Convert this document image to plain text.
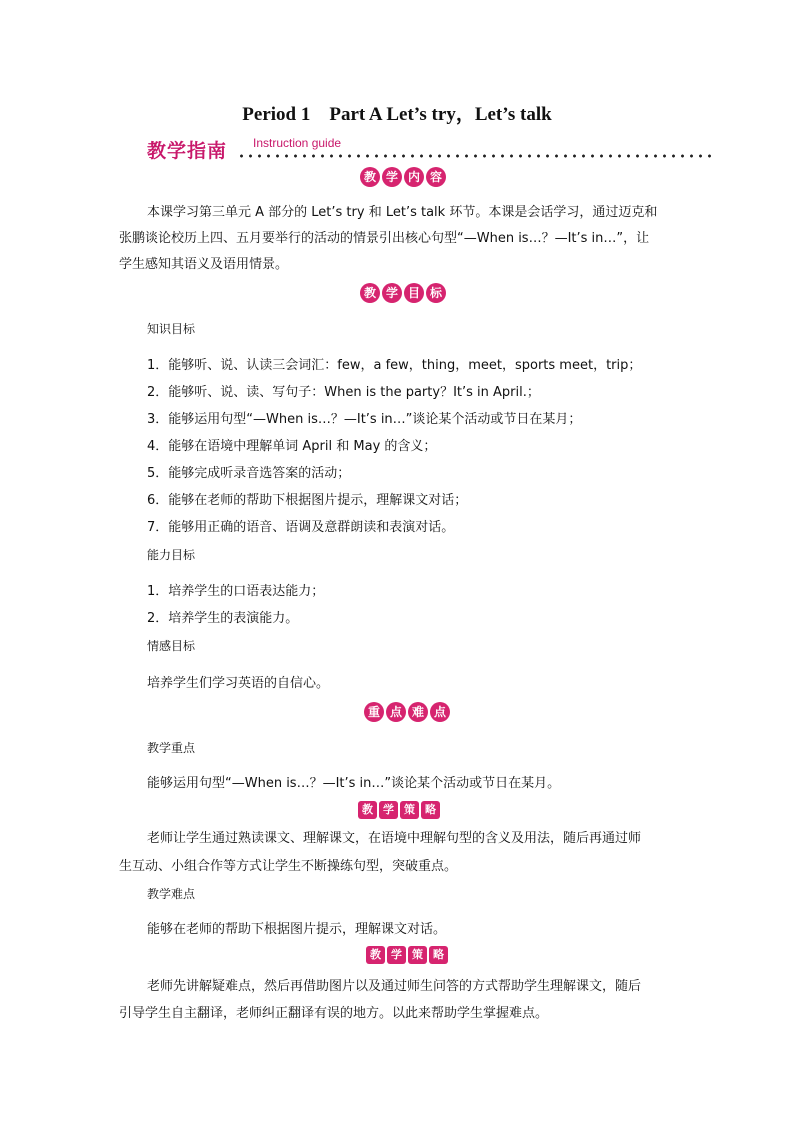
Period 1　Part A Let’s try，Let’s talk
教学指南 Instruction guide
教 学 内 容
本课学习第三单元 A 部分的 Let’s try 和 Let’s talk 环节。本课是会话学习，通过迈克和
张鹏谈论校历上四、五月要举行的活动的情景引出核心句型“—When is…？—It’s in…”，让
学生感知其语义及语用情景。
教 学 目 标
知识目标
1．能够听、说、认读三会词汇：few，a few，thing，meet，sports meet，trip；
2．能够听、说、读、写句子：When is the party？It’s in April.；
3．能够运用句型“—When is…？—It’s in…”谈论某个活动或节日在某月；
4．能够在语境中理解单词 April 和 May 的含义；
5．能够完成听录音选答案的活动；
6．能够在老师的帮助下根据图片提示，理解课文对话；
7．能够用正确的语音、语调及意群朗读和表演对话。
能力目标
1．培养学生的口语表达能力；
2．培养学生的表演能力。
情感目标
培养学生们学习英语的自信心。
重 点 难 点
教学重点
能够运用句型“—When is…？—It’s in…”谈论某个活动或节日在某月。
教 学 策 略
老师让学生通过熟读课文、理解课文，在语境中理解句型的含义及用法，随后再通过师
生互动、小组合作等方式让学生不断操练句型，突破重点。
教学难点
能够在老师的帮助下根据图片提示，理解课文对话。
教 学 策 略
老师先讲解疑难点，然后再借助图片以及通过师生问答的方式帮助学生理解课文，随后
引导学生自主翻译，老师纠正翻译有误的地方。以此来帮助学生掌握难点。
